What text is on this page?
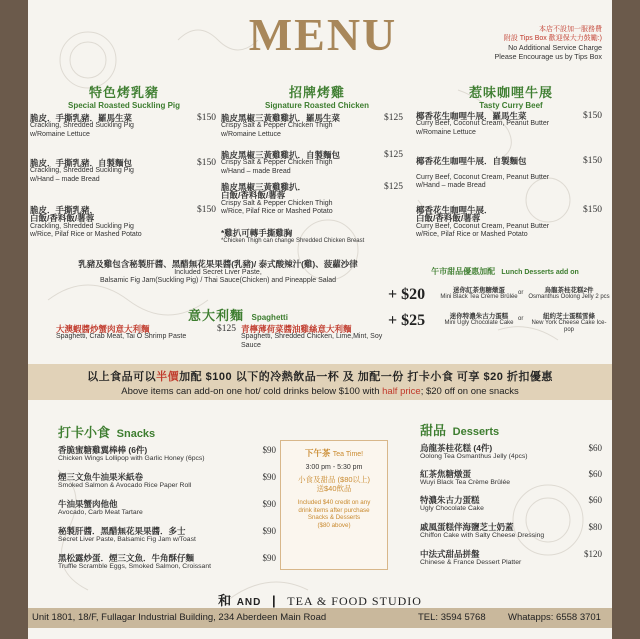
MENU	本店不設加一服務費
附設 Tips Box 歡迎保大力鼓勵:)
No Additional Service Charge
Please Encourage us by Tips Box
特色烤乳豬
Special Roasted Suckling Pig
脆皮．手撕乳豬．羅馬生菜
Crackling, Shredded Suckling Pig
w/Romaine Lettuce
$150
脆皮．手撕乳豬．自製麵包
Crackling, Shredded Suckling Pig
w/Hand – made Bread
$150
脆皮．手撕乳豬．
白飯/香料飯/薯蓉
Crackling, Shredded Suckling Pig
w/Rice, Pilaf Rice or Mashed Potato
$150
招牌烤雞
Signature Roasted Chicken
脆皮黑椒三黃雞雞扒．羅馬生菜
Crispy Salt & Pepper Chicken Thigh
w/Romaine Lettuce
$125
脆皮黑椒三黃雞雞扒．自製麵包
Crispy Salt & Pepper Chicken Thigh
w/Hand – made Bread
$125
脆皮黑椒三黃雞雞扒．
白飯/香料飯/薯蓉
Crispy Salt & Pepper Chicken Thigh
w/Rice, Pilaf Rice or Mashed Potato
$125
*雞扒可轉手撕雞胸
*Chicken Thigh can change Shredded Chicken Breast
惹味咖哩牛展
Tasty Curry Beef
椰香花生咖哩牛展．羅馬生菜
Curry Beef, Coconut Cream, Peanut Butter
w/Romaine Lettuce
$150
椰香花生咖哩牛展．自製麵包
Curry Beef, Coconut Cream, Peanut Butter
w/Hand – made Bread
$150
椰香花生咖哩牛展．
白飯/香料飯/薯蓉
Curry Beef, Coconut Cream, Peanut Butter
w/Rice, Pilaf Rice or Mashed Potato
$150
乳豬及雞包含秘製肝醬、黑醋無花果果醬(乳豬)/ 泰式酸辣汁(雞)、菠蘿沙律
Included Secret Liver Paste,
Balsamic Fig Jam(Suckling Pig) / Thai Sauce(Chicken) and Pineapple Salad
午市甜品優惠加配 Lunch Desserts add on
+ $20	迷你紅茶焦糖燉蛋
Mini Black Tea Crème Brûlée
or	烏龍茶桂花糕2件
Osmanthus Oolong Jelly 2 pcs
+ $25	迷你特濃朱古力蛋糕
Mini Ugly Chocolate Cake
or	紐約芝士蛋糕雪條
New York Cheese Cake Ice-pop
意大利麵 Spaghetti
大澳蝦醬炒蟹肉意大利麵
Spaghetti, Crab Meat, Tai O Shrimp Paste
$125 青檸薄荷菜醬油雞絲意大利麵
Spaghetti, Shredded Chicken, Lime,Mint, Soy Sauce
以上食品可以半價加配 $100 以下的冷熱飲品一杯 及 加配一份 打卡小食 可享 $20 折扣優惠
Above items can add-on one hot/ cold drinks below $100 with half price; $20 off on one snacks
打卡小食 Snacks
香脆蜜糖雞翼棒棒 (6件)
Chicken Wings Lollipop with Garlic Honey (6pcs)
$90
煙三文魚牛油果米紙卷
Smoked Salmon & Avocado Rice Paper Roll
$90
牛油果蟹肉他他
Avocado, Carb Meat Tartare
$90
秘製肝醬．黑醋無花果果醬．多士
Secret Liver Paste, Balsamic Fig Jam w/Toast
$90
黑松露炒蛋．煙三文魚．牛角酥仔麵
Truffle Scramble Eggs, Smoked Salmon, Croissant
$90
下午茶 Tea Time!
3:00 pm - 5:30 pm
小食及甜品 ($80以上)
送$40飲品
Included $40 credit on any
drink items after purchase
Snacks & Desserts
($80 above)
甜品 Desserts
烏龍茶桂花糕 (4件)
Oolong Tea Osmanthus Jelly (4pcs)
$60
紅茶焦糖燉蛋
Wuyi Black Tea Crème Brûlée
$60
特濃朱古力蛋糕
Ugly Chocolate Cake
$60
戚風蛋糕伴海鹽芝士奶蓋
Chiffon Cake with Salty Cheese Dressing
$80
中法式甜品拼盤
Chinese & France Dessert Platter
$120
和 AND | TEA & FOOD STUDIO
Unit 1801, 18/F, Fullagar Industrial Building, 234 Aberdeen Main Road	TEL: 3594 5768 Whatapps: 6558 3701
